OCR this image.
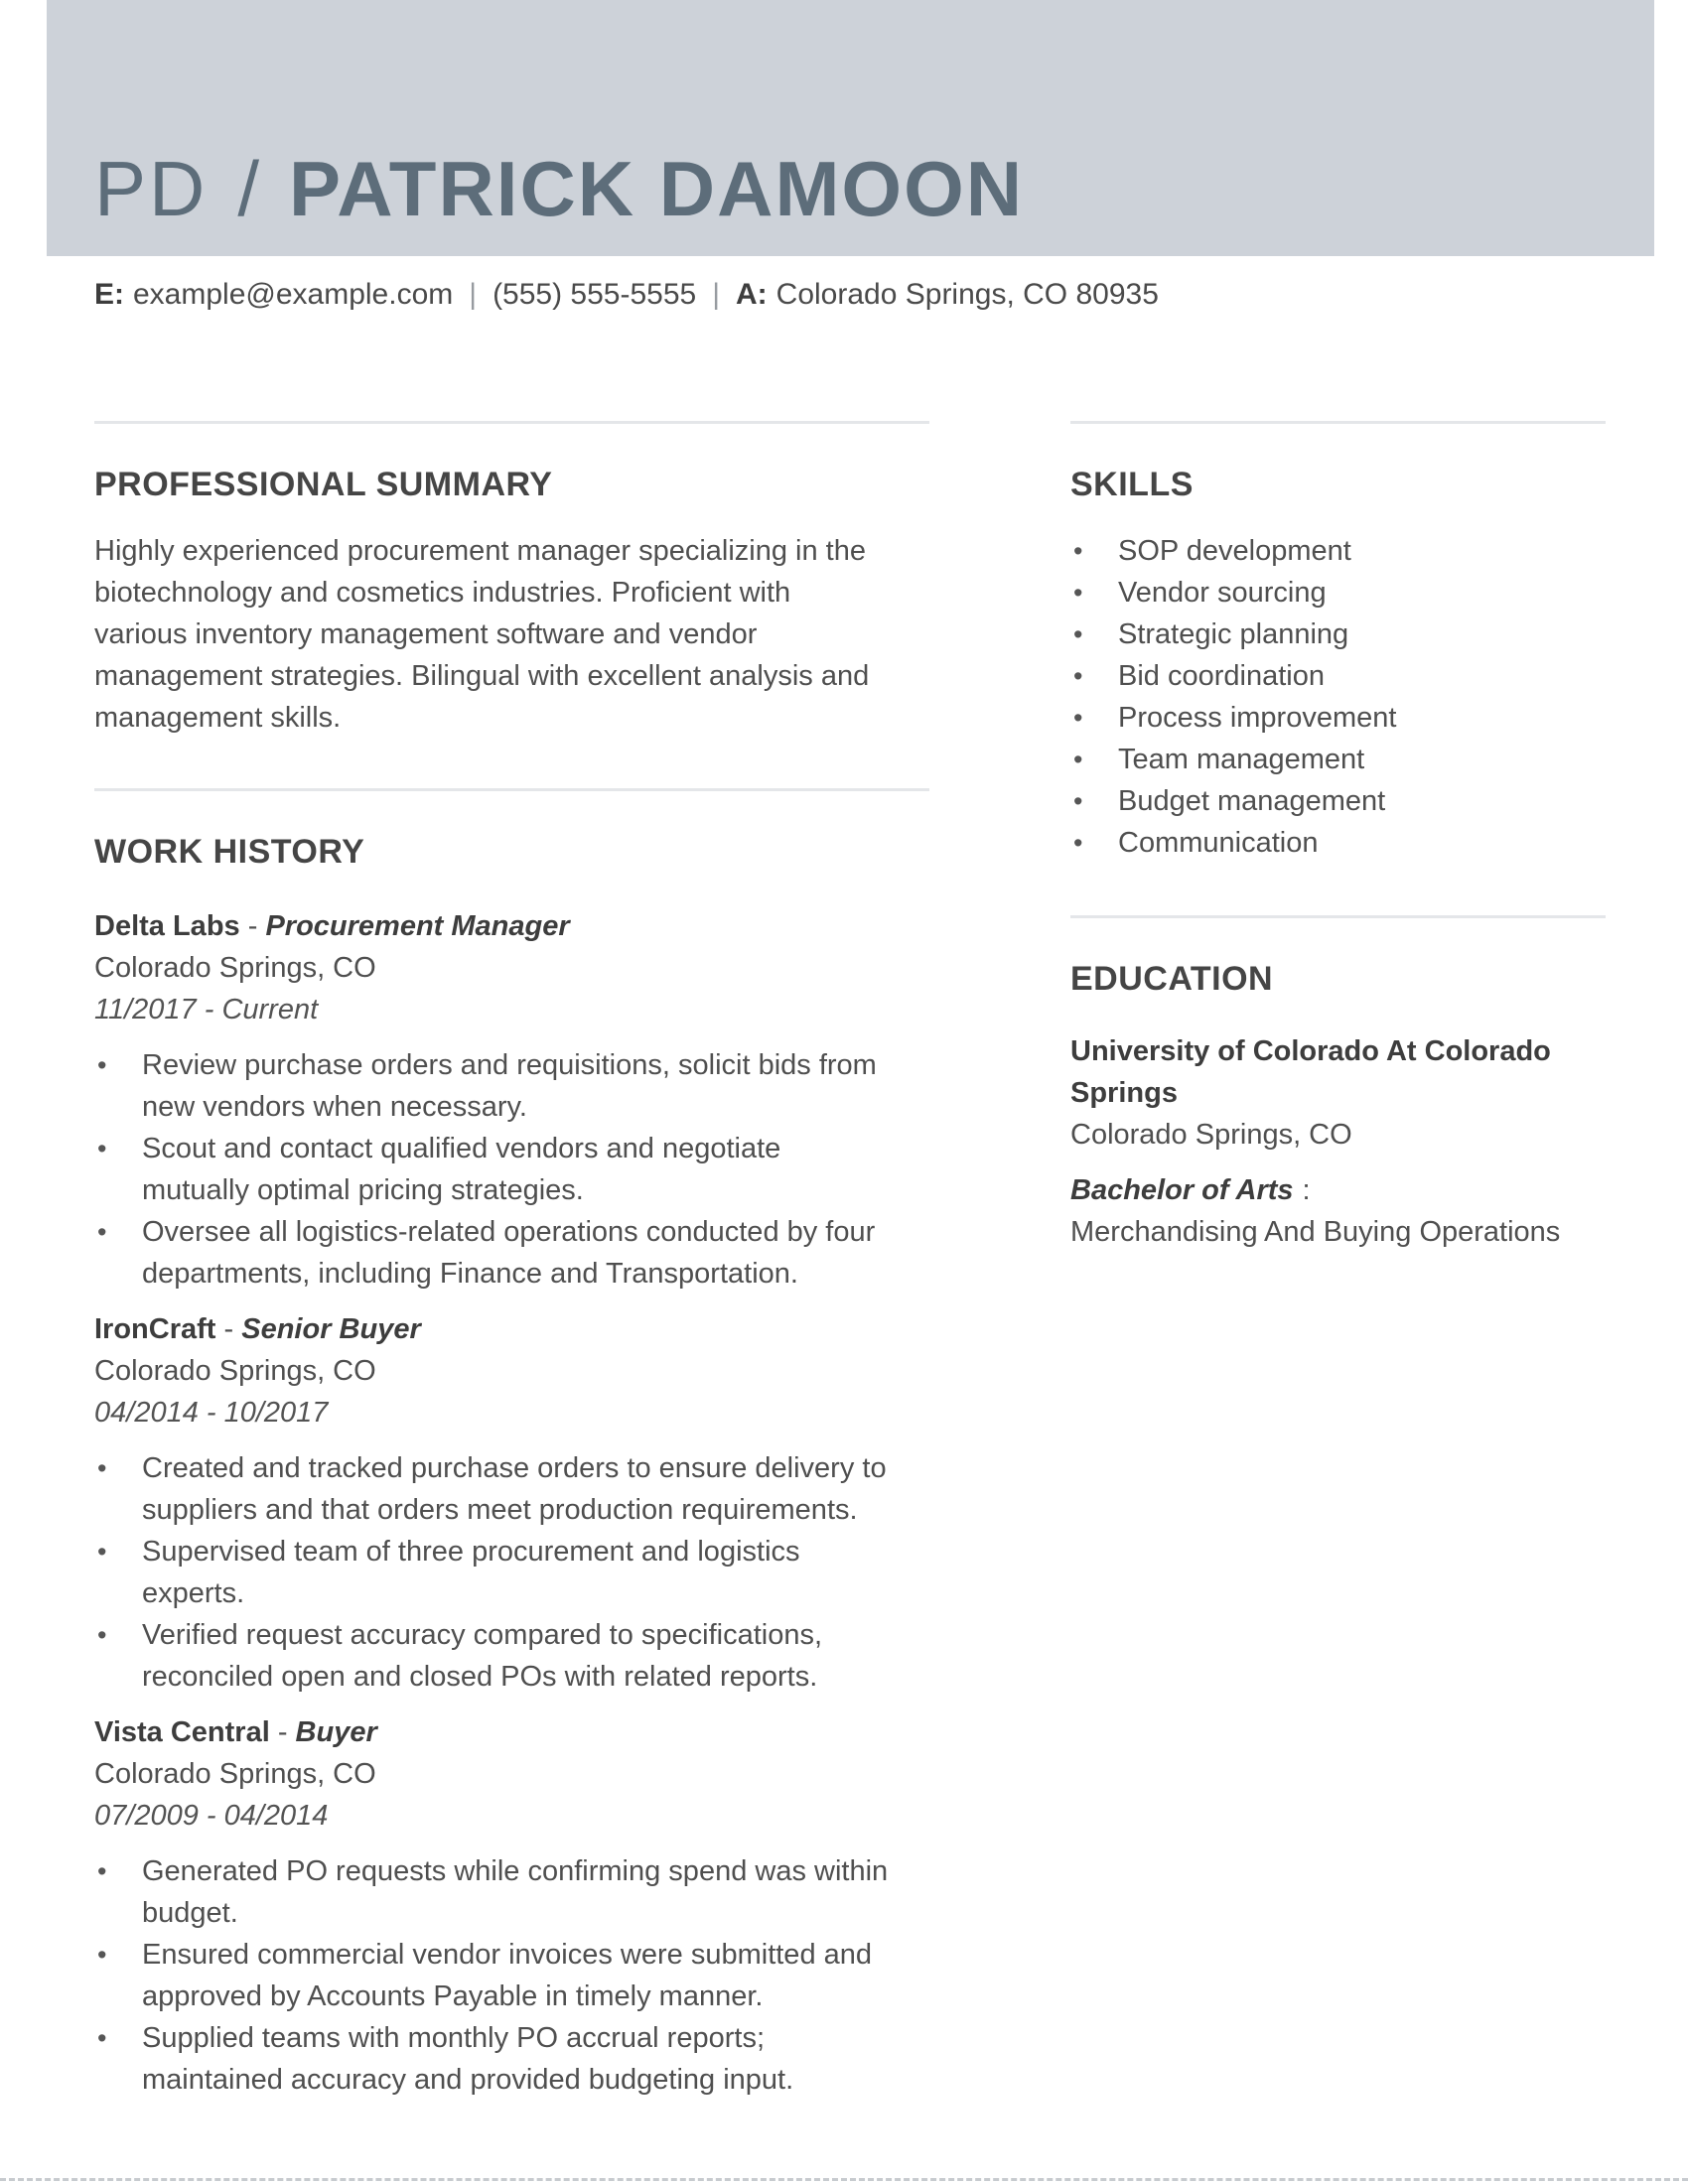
PD / PATRICK DAMOON
E: example@example.com | (555) 555-5555 | A: Colorado Springs, CO 80935
PROFESSIONAL SUMMARY
Highly experienced procurement manager specializing in the
biotechnology and cosmetics industries. Proficient with
various inventory management software and vendor
management strategies. Bilingual with excellent analysis and
management skills.
WORK HISTORY
Delta Labs - Procurement Manager
Colorado Springs, CO
11/2017 - Current
• Review purchase orders and requisitions, solicit bids from
new vendors when necessary.
• Scout and contact qualified vendors and negotiate
mutually optimal pricing strategies.
• Oversee all logistics-related operations conducted by four
departments, including Finance and Transportation.
IronCraft - Senior Buyer
Colorado Springs, CO
04/2014 - 10/2017
• Created and tracked purchase orders to ensure delivery to
suppliers and that orders meet production requirements.
• Supervised team of three procurement and logistics
experts.
• Verified request accuracy compared to specifications,
reconciled open and closed POs with related reports.
Vista Central - Buyer
Colorado Springs, CO
07/2009 - 04/2014
• Generated PO requests while confirming spend was within
budget.
• Ensured commercial vendor invoices were submitted and
approved by Accounts Payable in timely manner.
• Supplied teams with monthly PO accrual reports;
maintained accuracy and provided budgeting input.
SKILLS
• SOP development
• Vendor sourcing
• Strategic planning
• Bid coordination
• Process improvement
• Team management
• Budget management
• Communication
EDUCATION
University of Colorado At Colorado
Springs
Colorado Springs, CO
Bachelor of Arts :
Merchandising And Buying Operations
